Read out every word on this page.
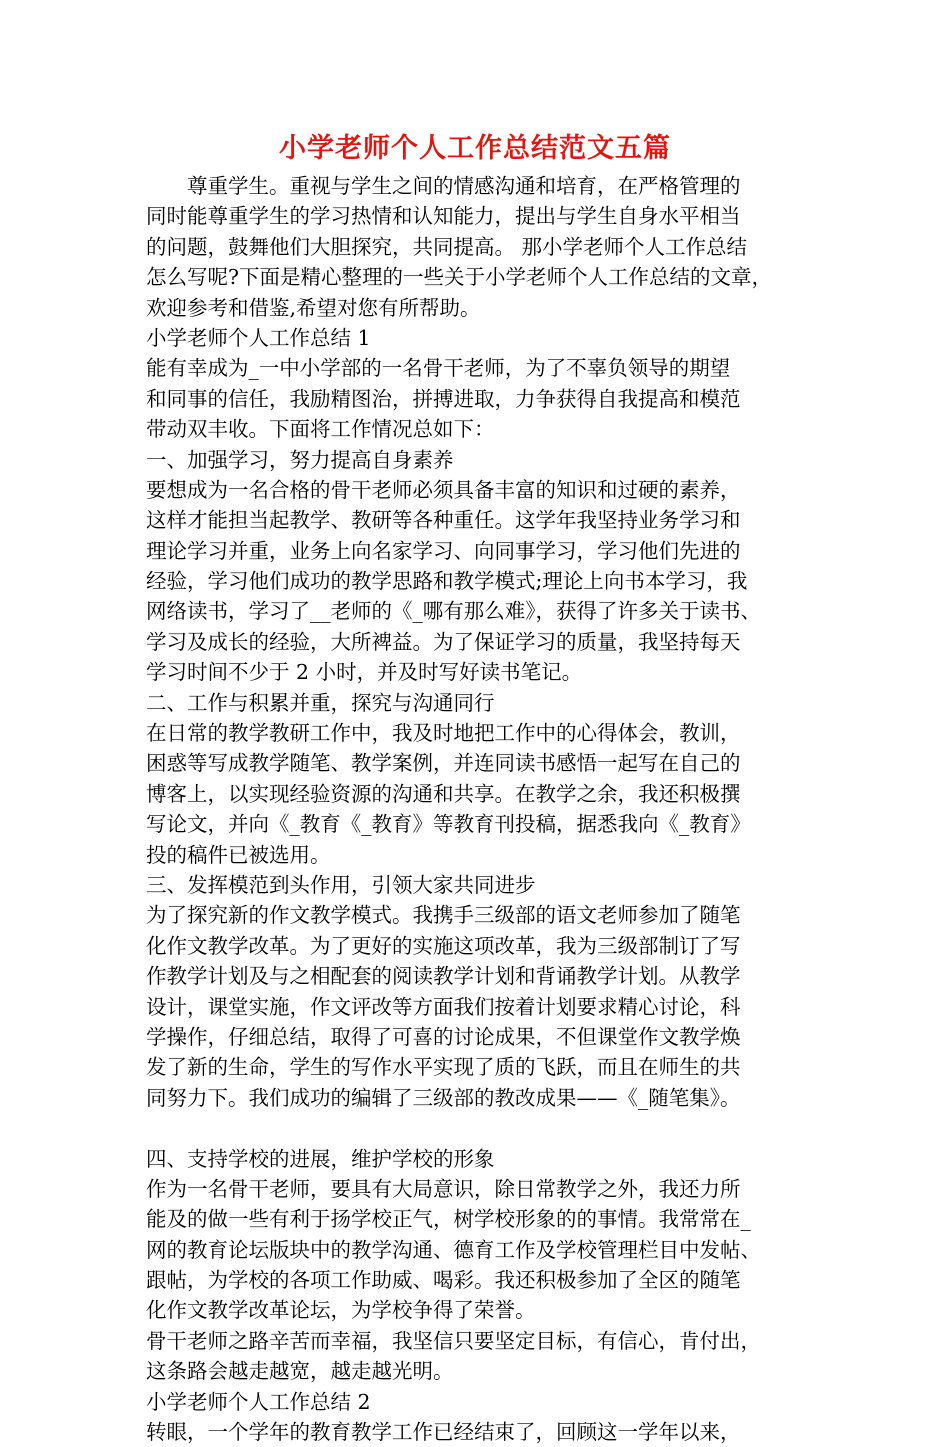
小学老师个人工作总结范文五篇
　　尊重学生。重视与学生之间的情感沟通和培育，在严格管理的
同时能尊重学生的学习热情和认知能力，提出与学生自身水平相当
的问题，鼓舞他们大胆探究，共同提高。 那小学老师个人工作总结
怎么写呢?下面是精心整理的一些关于小学老师个人工作总结的文章，
欢迎参考和借鉴,希望对您有所帮助。
小学老师个人工作总结 1
能有幸成为_一中小学部的一名骨干老师，为了不辜负领导的期望
和同事的信任，我励精图治，拼搏进取，力争获得自我提高和模范
带动双丰收。下面将工作情况总如下：
一、加强学习，努力提高自身素养
要想成为一名合格的骨干老师必须具备丰富的知识和过硬的素养，
这样才能担当起教学、教研等各种重任。这学年我坚持业务学习和
理论学习并重，业务上向名家学习、向同事学习，学习他们先进的
经验，学习他们成功的教学思路和教学模式;理论上向书本学习，我
网络读书，学习了__老师的《_哪有那么难》，获得了许多关于读书、
学习及成长的经验，大所裨益。为了保证学习的质量，我坚持每天
学习时间不少于 2 小时，并及时写好读书笔记。
二、工作与积累并重，探究与沟通同行
在日常的教学教研工作中，我及时地把工作中的心得体会，教训，
困惑等写成教学随笔、教学案例，并连同读书感悟一起写在自己的
博客上，以实现经验资源的沟通和共享。在教学之余，我还积极撰
写论文，并向《_教育《_教育》等教育刊投稿，据悉我向《_教育》
投的稿件已被选用。
三、发挥模范到头作用，引领大家共同进步
为了探究新的作文教学模式。我携手三级部的语文老师参加了随笔
化作文教学改革。为了更好的实施这项改革，我为三级部制订了写
作教学计划及与之相配套的阅读教学计划和背诵教学计划。从教学
设计，课堂实施，作文评改等方面我们按着计划要求精心讨论，科
学操作，仔细总结，取得了可喜的讨论成果，不但课堂作文教学焕
发了新的生命，学生的写作水平实现了质的飞跃，而且在师生的共
同努力下。我们成功的编辑了三级部的教改成果——《_随笔集》。
四、支持学校的进展，维护学校的形象
作为一名骨干老师，要具有大局意识，除日常教学之外，我还力所
能及的做一些有利于扬学校正气，树学校形象的的事情。我常常在_
网的教育论坛版块中的教学沟通、德育工作及学校管理栏目中发帖、
跟帖，为学校的各项工作助威、喝彩。我还积极参加了全区的随笔
化作文教学改革论坛，为学校争得了荣誉。
骨干老师之路辛苦而幸福，我坚信只要坚定目标，有信心，肯付出，
这条路会越走越宽，越走越光明。
小学老师个人工作总结 2
转眼，一个学年的教育教学工作已经结束了，回顾这一学年以来，
